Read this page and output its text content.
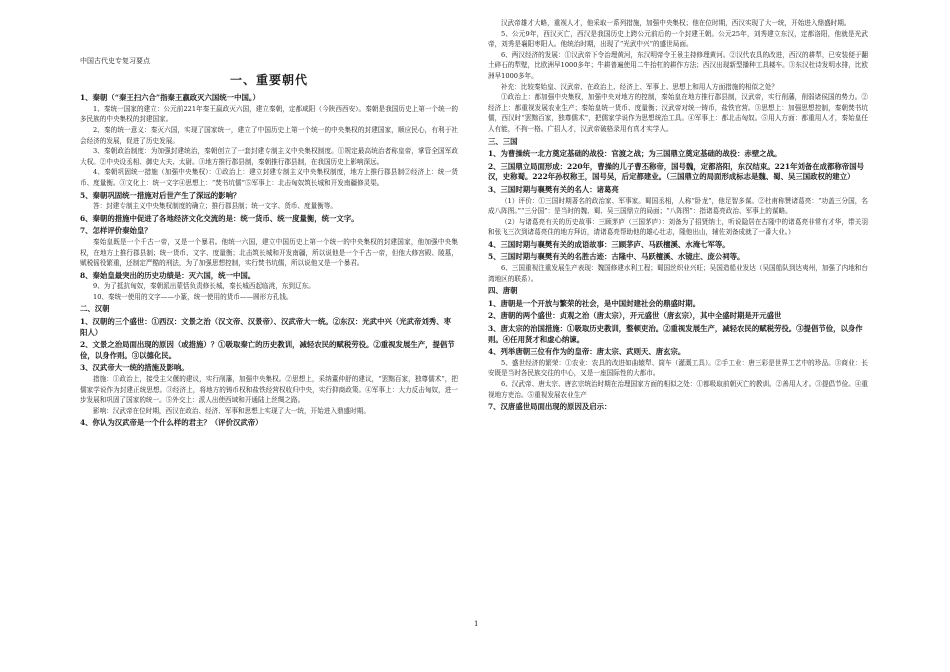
中国古代史专复习要点
一、重要朝代
1、秦朝（“秦王扫六合”指秦王嬴政灭六国统一中国。）
1、秦统一国家的建立：公元前221年秦王嬴政灭六国，建立秦朝，定都咸阳（今陕西西安）。秦朝是我国历史上第一个统一的多民族的中央集权的封建国家。
2、秦的统一意义：秦灭六国，实现了国家统一，建立了中国历史上第一个统一的中央集权的封建国家，顺应民心，有利于社会经济的发展，促进了历史发展。
3、秦朝政治制度：为加强封建统治，秦朝创立了一套封建专制主义中央集权制度。①规定最高统治者称皇帝，掌管全国军政大权。②中央设丞相、御史大夫、太尉。③地方推行郡县制，秦朝推行郡县制，在我国历史上影响深远。
4、秦朝巩固统一措施（加强中央集权）：①政治上：建立封建专制主义中央集权制度，地方上推行郡县制②经济上：统一货币、度量衡。③文化上：统一文字④思想上：“焚书坑儒”⑤军事上：北击匈奴筑长城和开发南疆修灵渠。
5、秦朝巩固统一措施对后世产生了深远的影响？
答：封建专制主义中央集权制度的确立；推行郡县制；统一文字、货币、度量衡等。
6、秦朝的措施中促进了各地经济文化交流的是：统一货币、统一度量衡，统一文字。
7、怎样评价秦始皇？
秦始皇既是一个千古一帝，又是一个暴君。他统一六国，建立中国历史上第一个统一的中央集权的封建国家，他加强中央集权，在地方上推行郡县制；统一货币、文字、度量衡；北击筑长城和开发南疆，所以说他是一个千古一帝，但他大修宫殿、陵墓，赋税徭役繁重，还制定严酷的刑法，为了加强思想控制，实行焚书坑儒，所以说他又是一个暴君。
8、秦始皇最突出的历史功绩是：灭六国，统一中国。
9、为了抵抗匈奴，秦朝派出蒙恬负责修长城，秦长城西起临洮，东到辽东。
10、秦统一使用的文字——小篆，统一使用的货币——圆形方孔钱。
二、汉朝
1、汉朝的三个盛世：①西汉：文景之治（汉文帝、汉景帝）、汉武帝大一统。②东汉：光武中兴（光武帝刘秀、枣阳人）
2、文景之治局面出现的原因（或措施）？①吸取秦亡的历史教训，减轻农民的赋税劳役。②重视发展生产，提倡节俭，以身作则。③以德化民。
3、汉武帝大一统的措施及影响。
措施：①政治上，接受主父偃的建议，实行削藩，加强中央集权。②思想上，采纳董仲舒的建议，“罢黜百家，独尊儒术”，把儒家学说作为封建正统思想。③经济上，将地方的铸币权和盐铁经营权收归中央，实行抑商政策。④军事上：大力反击匈奴，进一步发展和巩固了国家的统一。⑤外交上：派人出使西域和开通陆上丝绸之路。
影响：汉武帝在位时期，西汉在政治、经济、军事和思想上实现了大一统，开始进入鼎盛时期。
4、你认为汉武帝是一个什么样的君主？（评价汉武帝）
汉武帝雄才大略，重视人才，他采取一系列措施，加强中央集权；他在位时期，西汉实现了大一统，开始进入鼎盛时期。
5、公元9年，西汉灭亡，西汉是我国历史上跨公元前后的一个封建王朝。公元25年，刘秀建立东汉，定都洛阳，他就是光武帝，刘秀是襄阳枣阳人。他统治时期，出现了“光武中兴”的盛世局面。
6、两汉经济的发展：①汉武帝下令治理黄河，东汉明帝令王景主持修理黄河。②汉代农具的改进，西汉的耕犁，已安装便于翻土碎石的犁壁，比欧洲早1000多年；牛耕普遍使用二牛抬杠的耕作方法；西汉出现新型播种工具耧车。③东汉杜诗发明水排，比欧洲早1000多年。
补充：比较秦始皇、汉武帝、在政治上、经济上、军事上、思想上和用人方面措施的相似之处？
①政治上：都加强中央集权，加强中央对地方的控制，秦始皇在地方推行郡县制，汉武帝，实行削藩，削弱诸侯国的势力。②经济上：都重视发展农业生产；秦始皇统一货币、度量衡；汉武帝对统一铸币，盐铁官营。③思想上：加强思想控制，秦朝焚书坑儒，西汉时“罢黜百家，独尊儒术”，把儒家学说作为思想统治工具。④军事上：都北击匈奴。⑤用人方面：都重用人才，秦始皇任人有能，不拘一格。广招人才，汉武帝破格录用有真才实学人。
三、三国
1、为曹操统一北方奠定基础的战役：官渡之战；为三国鼎立奠定基础的战役：赤壁之战。
2、三国鼎立局面形成：220年，曹操的儿子曹丕称帝，国号魏，定都洛阳，东汉结束。221年刘备在成都称帝国号汉，史称蜀。222年孙权称王，国号吴，后定都建业。（三国鼎立的局面形成标志是魏、蜀、吴三国政权的建立）
3、三国时期与襄樊有关的名人：诸葛亮
（1）评价：①三国时期著名的政治家、军事家。蜀国丞相，人称“卧龙”，他足智多谋。②杜甫称赞诸葛亮：“功盖三分国，名成八阵图。”“三分国”：是当时的魏、蜀、吴三国鼎立的局面；“八阵图”：指诸葛亮政治、军事上的谋略。
（2）与诸葛亮有关的历史故事：三顾茅庐（三国茅庐）：刘备为了招贤纳士，听说隐居在古隆中的诸葛亮非常有才华，带关羽和张飞三次到诸葛亮住的地方拜访，请诸葛亮帮助他的雄心壮志，隆他出山，辅佐刘备成就了一番大业。）
4、三国时期与襄樊有关的成语故事：三顾茅庐、马跃檀溪、水淹七军等。
5、三国时期与襄樊有关的名胜古迹：古隆中、马跃檀溪、水镜庄、庞公祠等。
6、三国重视注重发展生产表现：魏国修建水利工程；蜀国丝织业兴旺；吴国造船业发达（吴国船队到达夷州，加强了内地和台湾地区的联系）。
四、唐朝
1、唐朝是一个开放与繁荣的社会，是中国封建社会的鼎盛时期。
2、唐朝的两个盛世：贞观之治（唐太宗），开元盛世（唐玄宗），其中全盛时期是开元盛世
3、唐太宗的治国措施：①吸取历史教训，整顿吏治。②重视发展生产，减轻农民的赋税劳役。③提倡节俭，以身作则。④任用贤才和虚心纳谏。
4、列举唐朝三位有作为的皇帝：唐太宗、武则天、唐玄宗。
5、盛世经济的繁荣：①农业：农具的改进如曲辕犁、筒车（灌溉工具）。②手工业：唐三彩是世界工艺中的珍品。③商业：长安既是当时各民族交往的中心，又是一座国际性的大都市。
6、汉武帝、唐太宗、唐玄宗统治时期在治理国家方面的相似之处：①都吸取前朝灭亡的教训。②善用人才。③提倡节俭。④重视地方吏治。⑤重视发展农业生产
7、汉唐盛世局面出现的原因及启示：
1
